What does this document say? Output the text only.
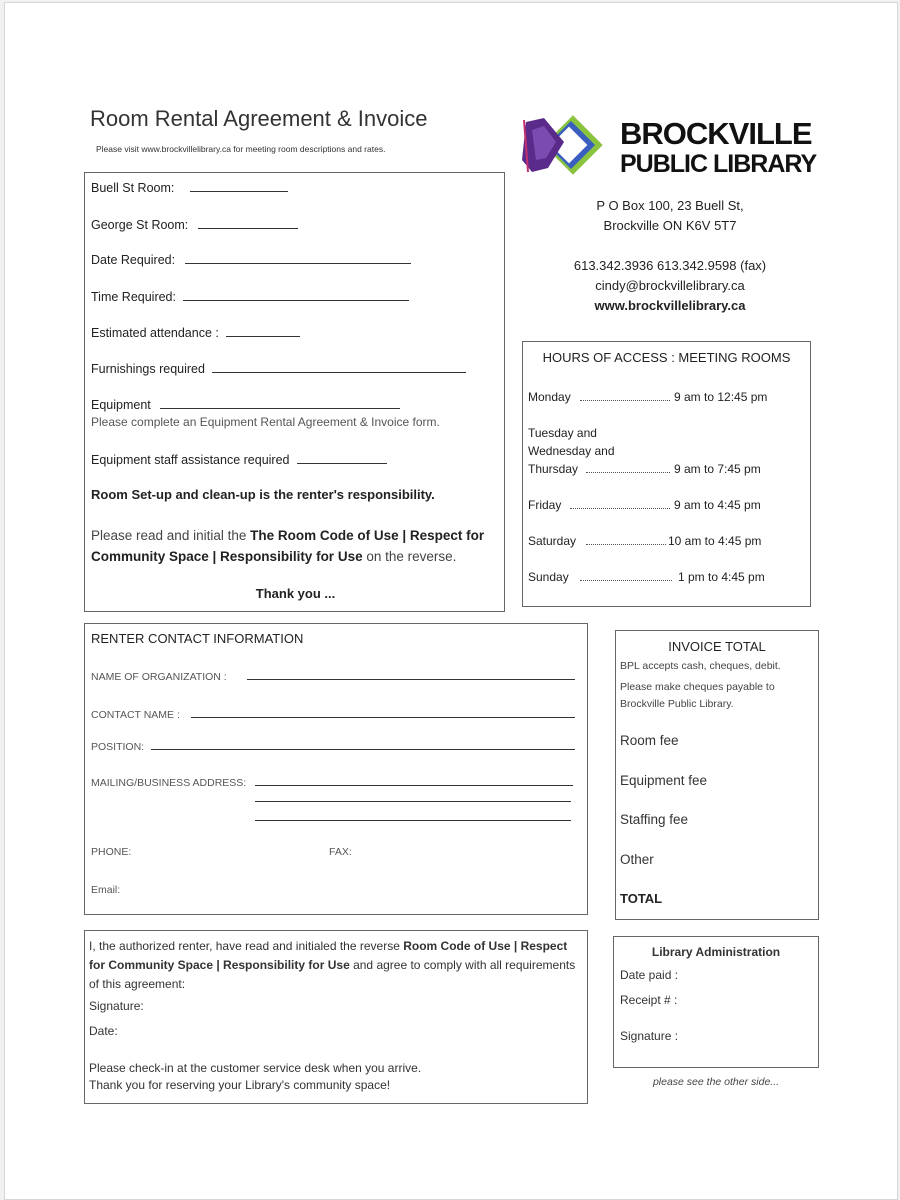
Room Rental Agreement & Invoice
Please visit www.brockvillelibrary.ca for meeting room descriptions and rates.	BROCKVILLE
PUBLIC LIBRARY
P O Box 100, 23 Buell St,
Brockville ON K6V 5T7
613.342.3936 613.342.9598 (fax)
cindy@brockvillelibrary.ca
www.brockvillelibrary.ca
Buell St Room:
George St Room:
Date Required:
Time Required:
Estimated attendance :
Furnishings required
Equipment
Please complete an Equipment Rental Agreement & Invoice form.
Equipment staff assistance required
Room Set-up and clean-up is the renter's responsibility.
Please read and initial the The Room Code of Use | Respect for Community Space | Responsibility for Use on the reverse.
Thank you ...
HOURS OF ACCESS : MEETING ROOMS
Monday	9 am to 12:45 pm
Tuesday and
Wednesday and
Thursday	9 am to 7:45 pm
Friday	9 am to 4:45 pm
Saturday	10 am to 4:45 pm
Sunday	1 pm to 4:45 pm
RENTER CONTACT INFORMATION
NAME OF ORGANIZATION :
CONTACT NAME :
POSITION:
MAILING/BUSINESS ADDRESS:
PHONE:	FAX:
Email:
INVOICE TOTAL
BPL accepts cash, cheques, debit.
Please make cheques payable to Brockville Public Library.
Room fee
Equipment fee
Staffing fee
Other
TOTAL
I, the authorized renter, have read and initialed the reverse Room Code of Use | Respect for Community Space | Responsibility for Use and agree to comply with all requirements of this agreement:
Signature:
Date:
Please check-in at the customer service desk when you arrive.
Thank you for reserving your Library's community space!
Library Administration
Date paid :
Receipt # :
Signature :
please see the other side...
